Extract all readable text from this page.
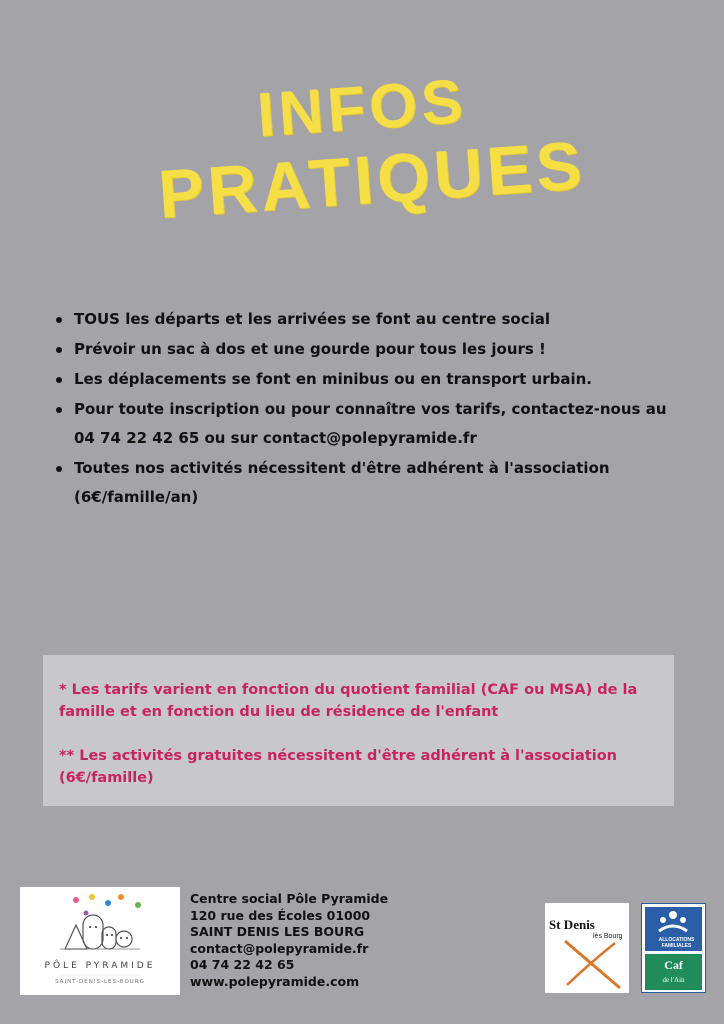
INFOS
PRATIQUES
TOUS les départs et les arrivées se font au centre social
Prévoir un sac à dos et une gourde pour tous les jours !
Les déplacements se font en minibus ou en transport urbain.
Pour toute inscription ou pour connaître vos tarifs, contactez-nous au
04 74 22 42 65 ou sur contact@polepyramide.fr
Toutes nos activités nécessitent d'être adhérent à l'association
(6€/famille/an)

* Les tarifs varient en fonction du quotient familial (CAF ou MSA) de la famille et en fonction du lieu de résidence de l'enfant

** Les activités gratuites nécessitent d'être adhérent à l'association (6€/famille)

PÔLE PYRAMIDE
SAINT-DENIS-LES-BOURG
Centre social Pôle Pyramide
120 rue des Écoles 01000
SAINT DENIS LES BOURG
contact@polepyramide.fr
04 74 22 42 65
www.polepyramide.com
St Denis
lès Bourg	ALLOCATIONS
FAMILIALES
Caf
de l'Ain
